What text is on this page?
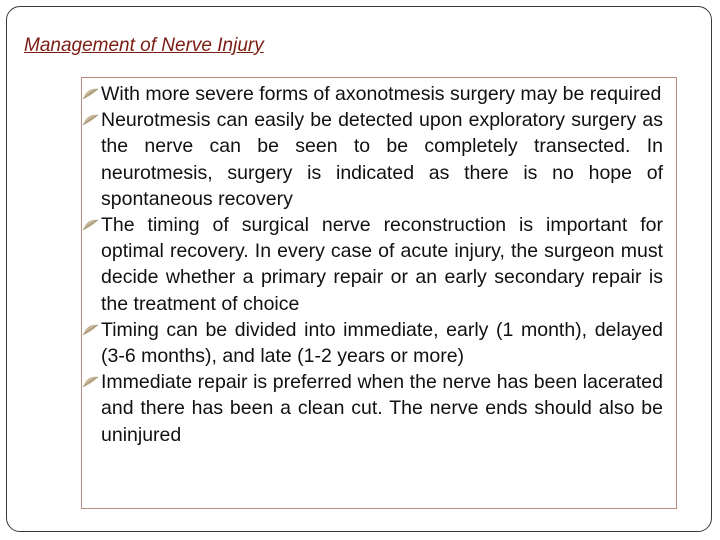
Management of Nerve Injury
With more severe forms of axonotmesis surgery may be required
Neurotmesis can easily be detected upon exploratory surgery as the nerve can be seen to be completely transected. In neurotmesis, surgery is indicated as there is no hope of spontaneous recovery
The timing of surgical nerve reconstruction is important for optimal recovery. In every case of acute injury, the surgeon must decide whether a primary repair or an early secondary repair is the treatment of choice
Timing can be divided into immediate, early (1 month), delayed (3-6 months), and late (1-2 years or more)
Immediate repair is preferred when the nerve has been lacerated and there has been a clean cut. The nerve ends should also be uninjured
